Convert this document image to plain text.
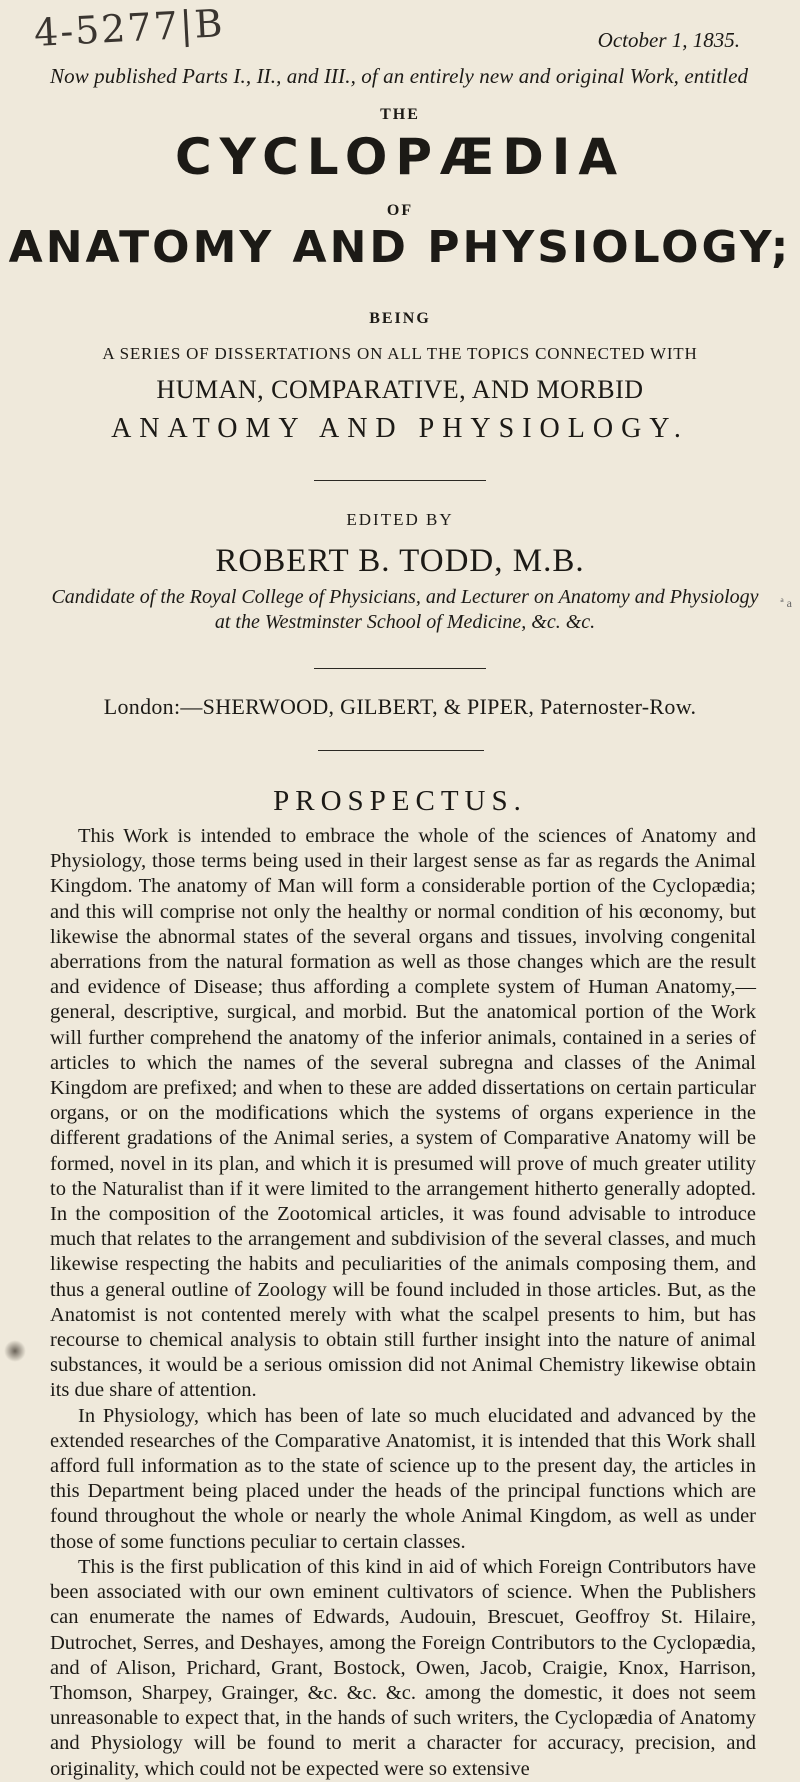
4-5277|B	October 1, 1835.
Now published Parts I., II., and III., of an entirely new and original Work, entitled
THE
CYCLOPÆDIA
OF
ANATOMY AND PHYSIOLOGY;
BEING
A SERIES OF DISSERTATIONS ON ALL THE TOPICS CONNECTED WITH
HUMAN, COMPARATIVE, AND MORBID
ANATOMY AND PHYSIOLOGY.
EDITED BY
ROBERT B. TODD, M.B.
Candidate of the Royal College of Physicians, and Lecturer on Anatomy and Physiology at the Westminster School of Medicine, &c. &c.
London:—SHERWOOD, GILBERT, & PIPER, Paternoster-Row.
PROSPECTUS.

This Work is intended to embrace the whole of the sciences of Anatomy and Physiology, those terms being used in their largest sense as far as regards the Animal Kingdom. The anatomy of Man will form a considerable portion of the Cyclopædia; and this will comprise not only the healthy or normal condition of his œconomy, but likewise the abnormal states of the several organs and tissues, involving congenital aberrations from the natural formation as well as those changes which are the result and evidence of Disease; thus affording a complete system of Human Anatomy,—general, descriptive, surgical, and morbid. But the anatomical portion of the Work will further comprehend the anatomy of the inferior animals, contained in a series of articles to which the names of the several subregna and classes of the Animal Kingdom are prefixed; and when to these are added dissertations on certain particular organs, or on the modifications which the systems of organs experience in the different gradations of the Animal series, a system of Comparative Anatomy will be formed, novel in its plan, and which it is presumed will prove of much greater utility to the Naturalist than if it were limited to the arrangement hitherto generally adopted. In the composition of the Zootomical articles, it was found advisable to introduce much that relates to the arrangement and subdivision of the several classes, and much likewise respecting the habits and peculiarities of the animals composing them, and thus a general outline of Zoology will be found included in those articles. But, as the Anatomist is not contented merely with what the scalpel presents to him, but has recourse to chemical analysis to obtain still further insight into the nature of animal substances, it would be a serious omission did not Animal Chemistry likewise obtain its due share of attention.

In Physiology, which has been of late so much elucidated and advanced by the extended researches of the Comparative Anatomist, it is intended that this Work shall afford full information as to the state of science up to the present day, the articles in this Department being placed under the heads of the principal functions which are found throughout the whole or nearly the whole Animal Kingdom, as well as under those of some functions peculiar to certain classes.

This is the first publication of this kind in aid of which Foreign Contributors have been associated with our own eminent cultivators of science. When the Publishers can enumerate the names of Edwards, Audouin, Brescuet, Geoffroy St. Hilaire, Dutrochet, Serres, and Deshayes, among the Foreign Contributors to the Cyclopædia, and of Alison, Prichard, Grant, Bostock, Owen, Jacob, Craigie, Knox, Harrison, Thomson, Sharpey, Grainger, &c. &c. &c. among the domestic, it does not seem unreasonable to expect that, in the hands of such writers, the Cyclopædia of Anatomy and Physiology will be found to merit a character for accuracy, precision, and originality, which could not be expected were so extensive

ª a
